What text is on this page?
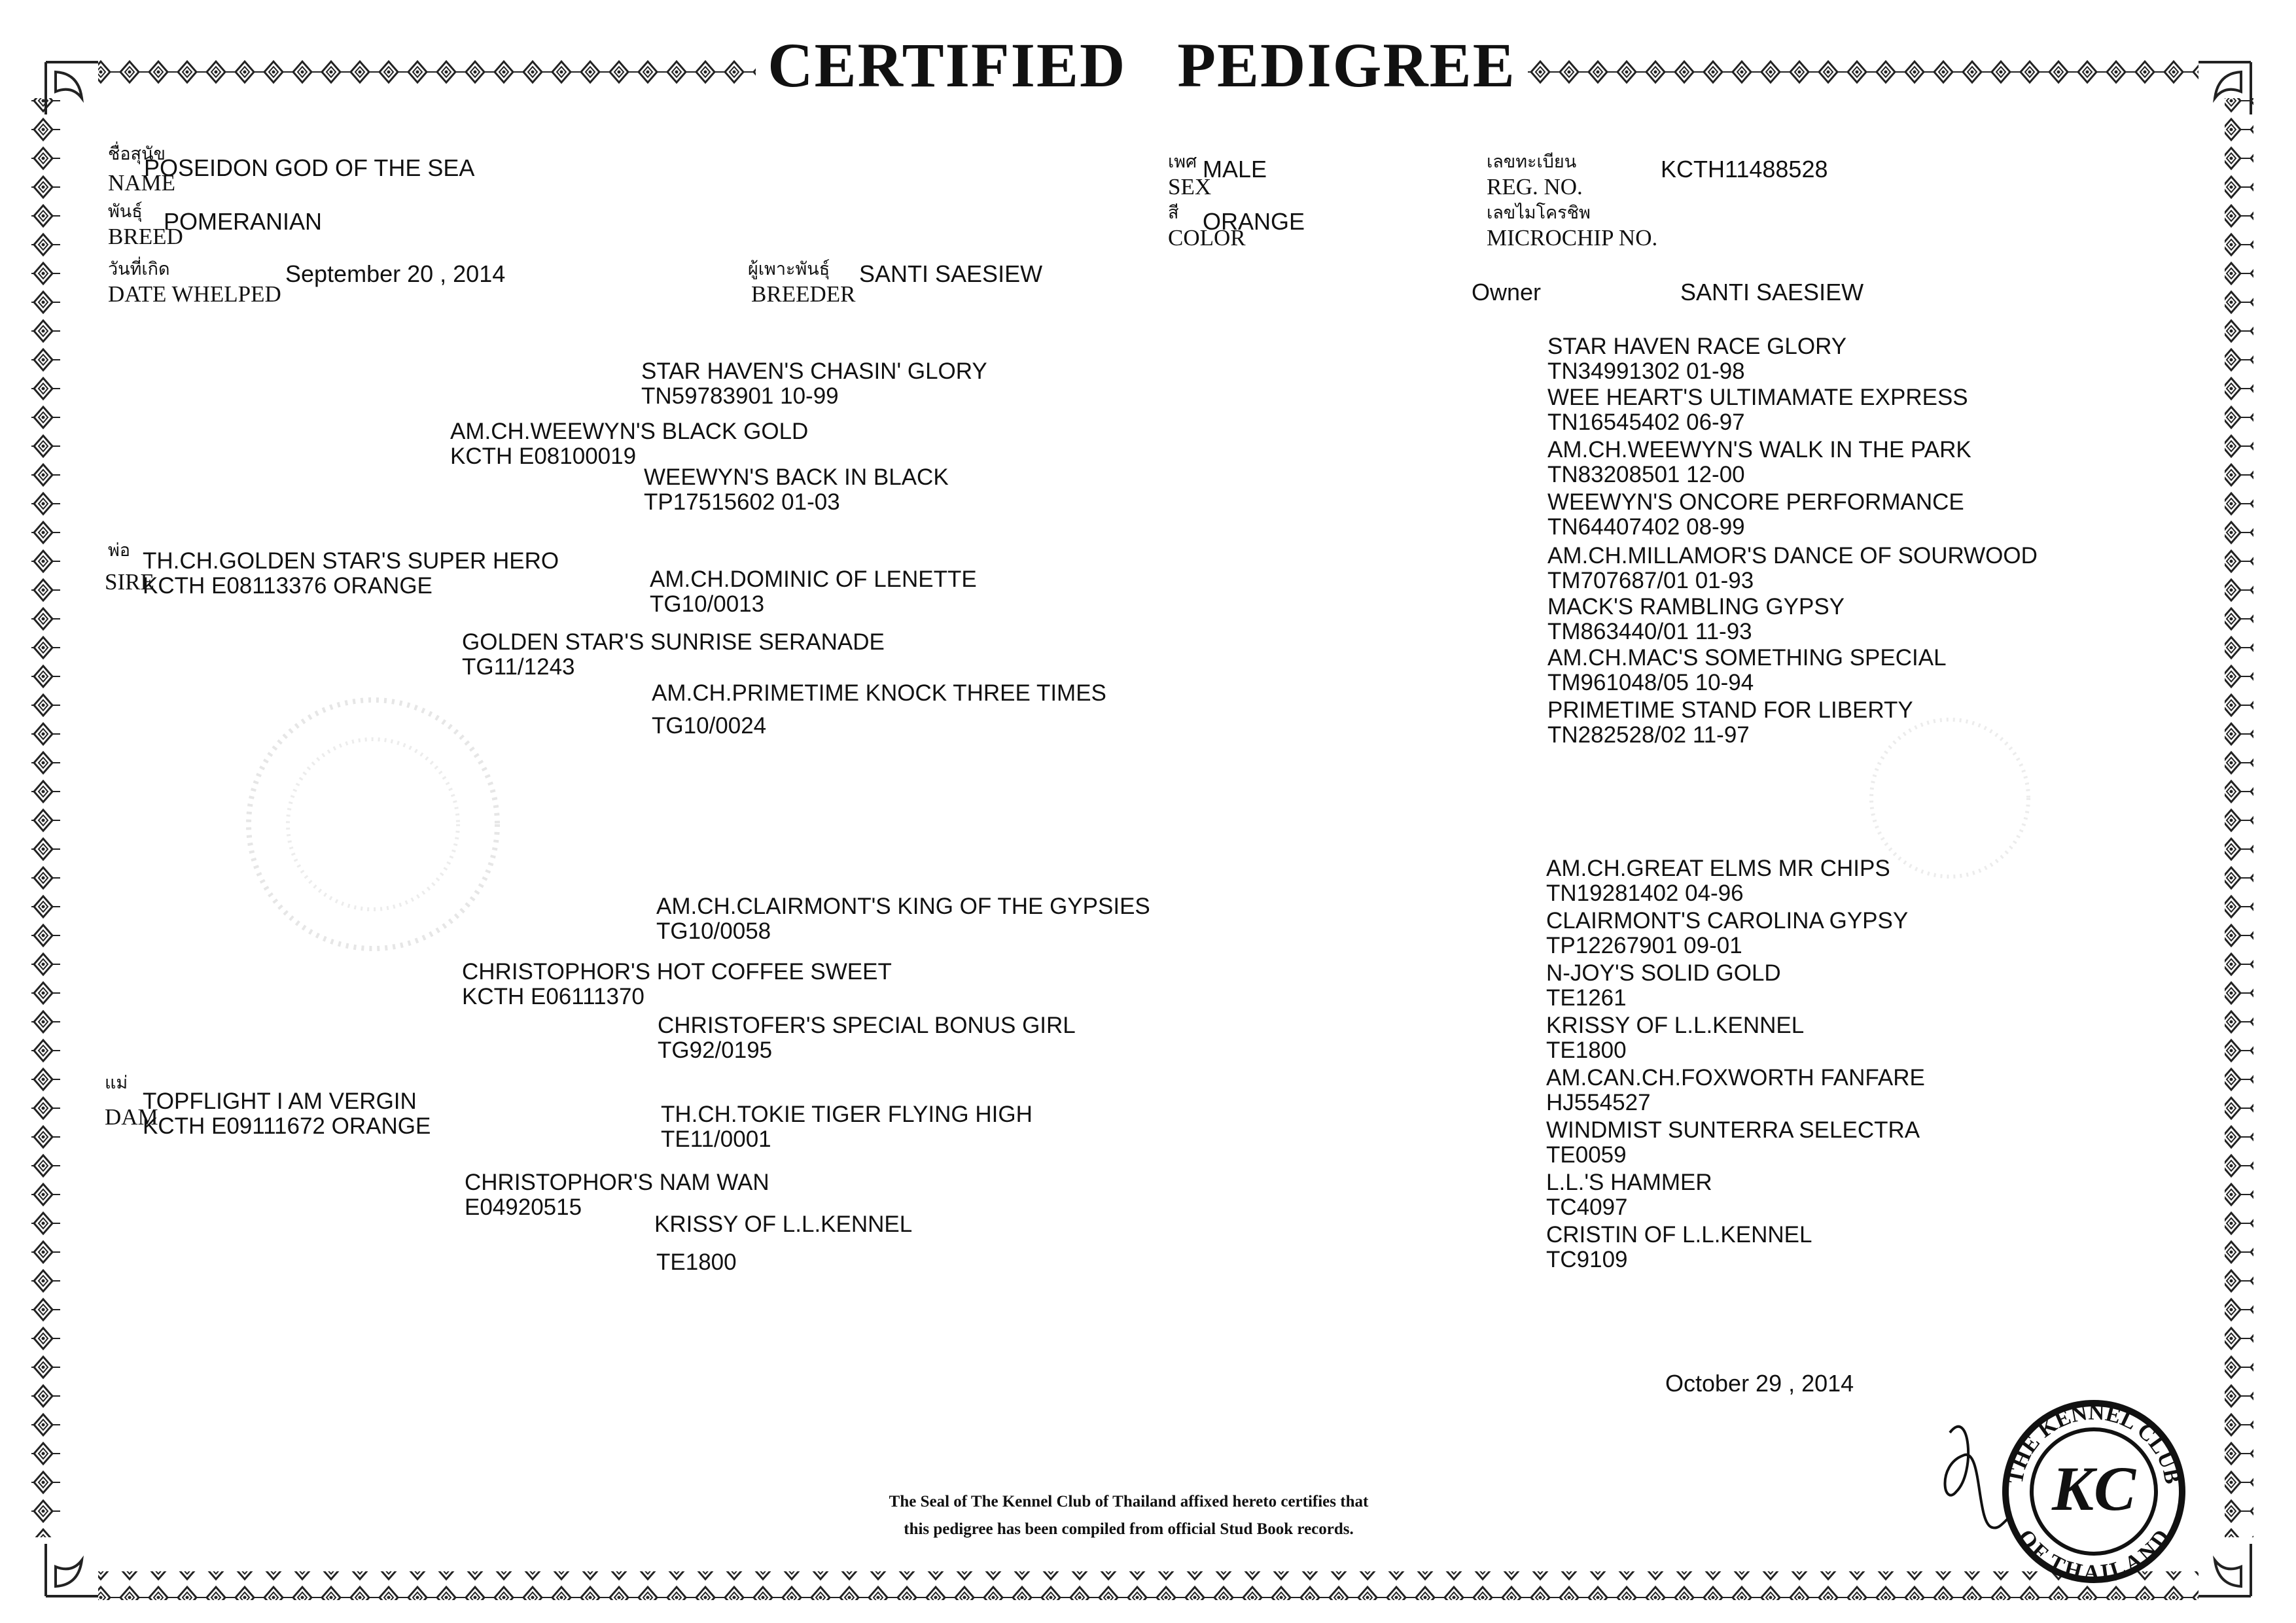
CERTIFIED   PEDIGREE
ชื่อสุนัข
NAME
POSEIDON GOD OF THE SEA
พันธุ์
BREED
POMERANIAN
วันที่เกิด
DATE WHELPED
September 20 , 2014	ผู้เพาะพันธุ์
BREEDER
SANTI SAESIEW
เพศ
SEX
MALE
สี
COLOR
ORANGE
เลขทะเบียน
REG. NO.
KCTH11488528
เลขไมโครชิพ
MICROCHIP NO.
Owner	SANTI SAESIEW
พ่อ
SIRE
TH.CH.GOLDEN STAR'S SUPER HERO
KCTH E08113376 ORANGE
แม่
DAM
TOPFLIGHT I AM VERGIN
KCTH E09111672 ORANGE
AM.CH.WEEWYN'S BLACK GOLD
KCTH E08100019
GOLDEN STAR'S SUNRISE SERANADE
TG11/1243
CHRISTOPHOR'S HOT COFFEE SWEET
KCTH E06111370
CHRISTOPHOR'S NAM WAN
E04920515
STAR HAVEN'S CHASIN' GLORY
TN59783901 10-99
WEEWYN'S BACK IN BLACK
TP17515602 01-03
AM.CH.DOMINIC OF LENETTE
TG10/0013
AM.CH.PRIMETIME KNOCK THREE TIMES
TG10/0024
AM.CH.CLAIRMONT'S KING OF THE GYPSIES
TG10/0058
CHRISTOFER'S SPECIAL BONUS GIRL
TG92/0195
TH.CH.TOKIE TIGER FLYING HIGH
TE11/0001
KRISSY OF L.L.KENNEL
TE1800
STAR HAVEN RACE GLORY
TN34991302 01-98
WEE HEART'S ULTIMAMATE EXPRESS
TN16545402 06-97
AM.CH.WEEWYN'S WALK IN THE PARK
TN83208501 12-00
WEEWYN'S ONCORE PERFORMANCE
TN64407402 08-99
AM.CH.MILLAMOR'S DANCE OF SOURWOOD
TM707687/01 01-93
MACK'S RAMBLING GYPSY
TM863440/01 11-93
AM.CH.MAC'S SOMETHING SPECIAL
TM961048/05 10-94
PRIMETIME STAND FOR LIBERTY
TN282528/02 11-97
AM.CH.GREAT ELMS MR CHIPS
TN19281402 04-96
CLAIRMONT'S CAROLINA GYPSY
TP12267901 09-01
N-JOY'S SOLID GOLD
TE1261
KRISSY OF L.L.KENNEL
TE1800
AM.CAN.CH.FOXWORTH FANFARE
HJ554527
WINDMIST SUNTERRA SELECTRA
TE0059
L.L.'S HAMMER
TC4097
CRISTIN OF L.L.KENNEL
TC9109
October 29 , 2014
The Seal of The Kennel Club of Thailand affixed hereto certifies that
this pedigree has been compiled from official Stud Book records.
THE KENNEL CLUB
OF THAILAND
KC
